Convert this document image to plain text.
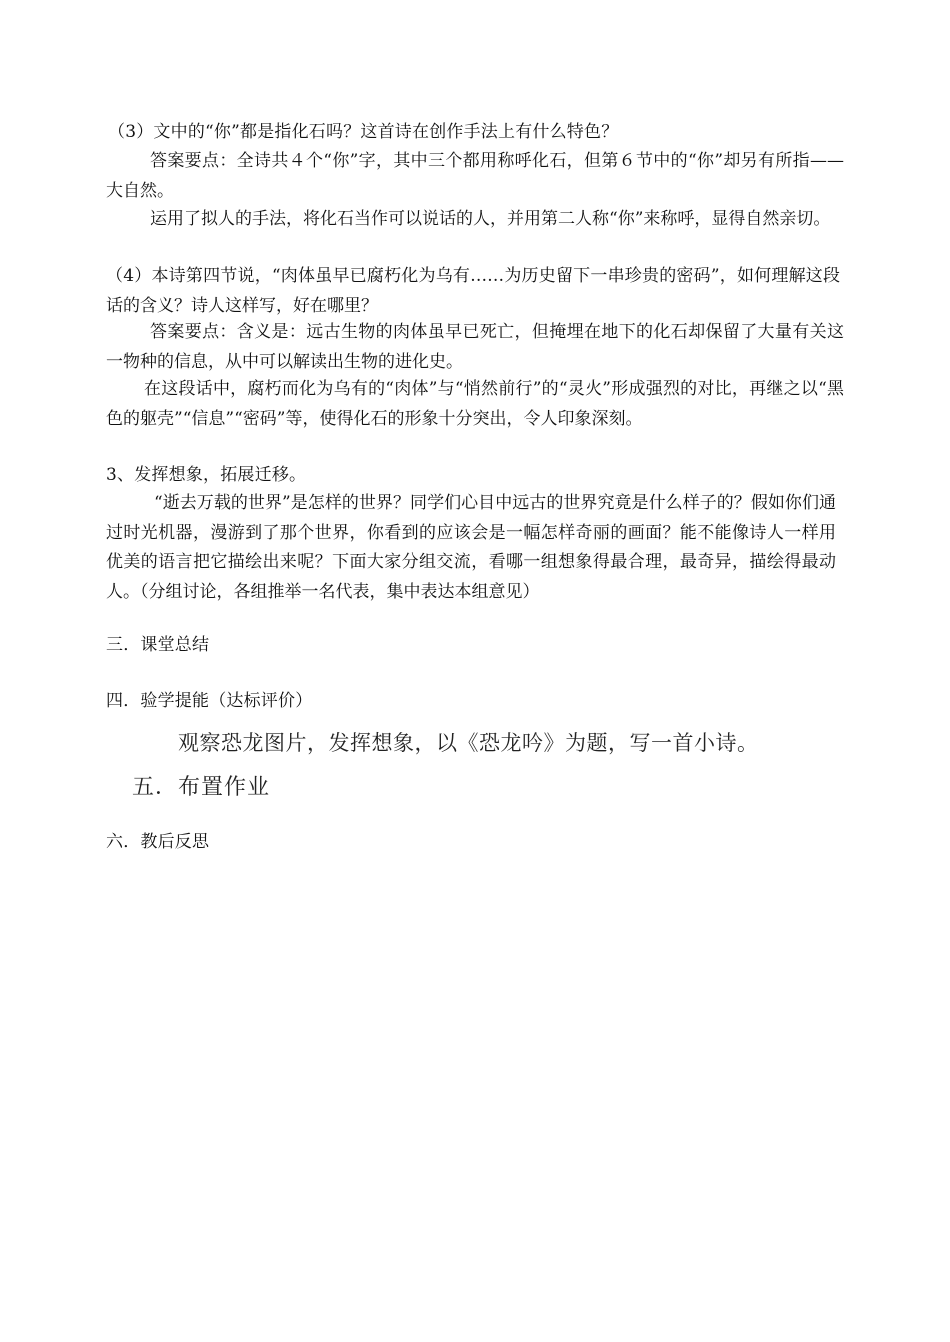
（3）文中的“你”都是指化石吗？这首诗在创作手法上有什么特色？
答案要点：全诗共４个“你”字，其中三个都用称呼化石，但第６节中的“你”却另有所指——大自然。
运用了拟人的手法，将化石当作可以说话的人，并用第二人称“你”来称呼，显得自然亲切。
（4）本诗第四节说，“肉体虽早已腐朽化为乌有……为历史留下一串珍贵的密码”，如何理解这段话的含义？诗人这样写，好在哪里？
答案要点：含义是：远古生物的肉体虽早已死亡，但掩埋在地下的化石却保留了大量有关这一物种的信息，从中可以解读出生物的进化史。
在这段话中，腐朽而化为乌有的“肉体”与“悄然前行”的“灵火”形成强烈的对比，再继之以“黑色的躯壳”“信息”“密码”等，使得化石的形象十分突出，令人印象深刻。
3、发挥想象，拓展迁移。
“逝去万载的世界”是怎样的世界？同学们心目中远古的世界究竟是什么样子的？假如你们通过时光机器，漫游到了那个世界，你看到的应该会是一幅怎样奇丽的画面？能不能像诗人一样用优美的语言把它描绘出来呢？下面大家分组交流，看哪一组想象得最合理，最奇异，描绘得最动人。（分组讨论，各组推举一名代表，集中表达本组意见）
三．课堂总结
四．验学提能（达标评价）
观察恐龙图片，发挥想象，以《恐龙吟》为题，写一首小诗。
五．布置作业
六．教后反思
